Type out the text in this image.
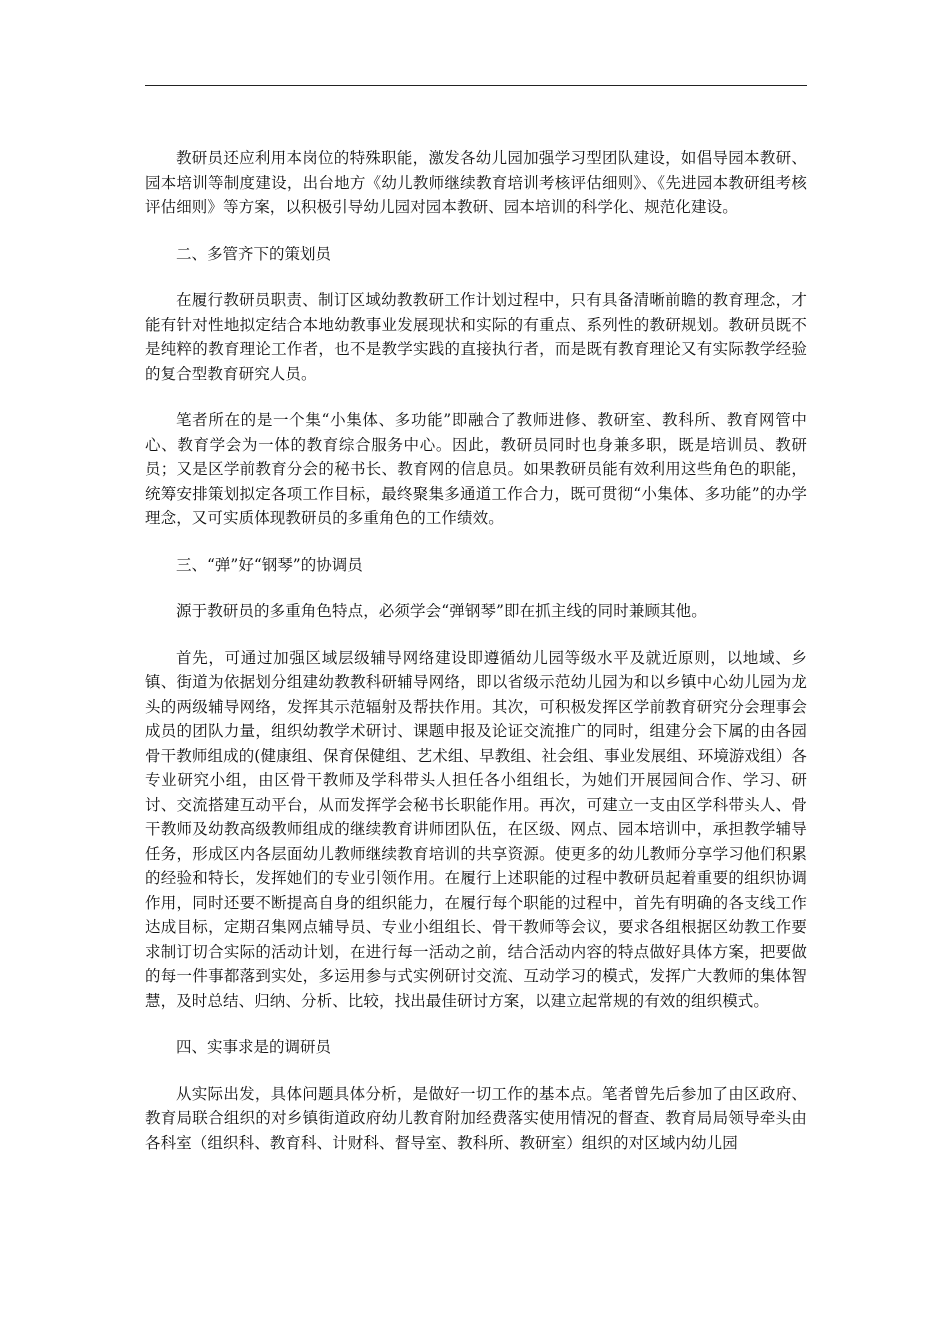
教研员还应利用本岗位的特殊职能，激发各幼儿园加强学习型团队建设，如倡导园本教研、园本培训等制度建设，出台地方《幼儿教师继续教育培训考核评估细则》、《先进园本教研组考核评估细则》等方案，以积极引导幼儿园对园本教研、园本培训的科学化、规范化建设。

二、多管齐下的策划员

在履行教研员职责、制订区域幼教教研工作计划过程中，只有具备清晰前瞻的教育理念，才能有针对性地拟定结合本地幼教事业发展现状和实际的有重点、系列性的教研规划。教研员既不是纯粹的教育理论工作者，也不是教学实践的直接执行者，而是既有教育理论又有实际教学经验的复合型教育研究人员。

笔者所在的是一个集“小集体、多功能”即融合了教师进修、教研室、教科所、教育网管中心、教育学会为一体的教育综合服务中心。因此，教研员同时也身兼多职，既是培训员、教研员；又是区学前教育分会的秘书长、教育网的信息员。如果教研员能有效利用这些角色的职能，统筹安排策划拟定各项工作目标，最终聚集多通道工作合力，既可贯彻“小集体、多功能”的办学理念，又可实质体现教研员的多重角色的工作绩效。

三、“弹”好“钢琴”的协调员

源于教研员的多重角色特点，必须学会“弹钢琴”即在抓主线的同时兼顾其他。

首先，可通过加强区域层级辅导网络建设即遵循幼儿园等级水平及就近原则，以地域、乡镇、街道为依据划分组建幼教教科研辅导网络，即以省级示范幼儿园为和以乡镇中心幼儿园为龙头的两级辅导网络，发挥其示范辐射及帮扶作用。其次，可积极发挥区学前教育研究分会理事会成员的团队力量，组织幼教学术研讨、课题申报及论证交流推广的同时，组建分会下属的由各园骨干教师组成的(健康组、保育保健组、艺术组、早教组、社会组、事业发展组、环境游戏组）各专业研究小组，由区骨干教师及学科带头人担任各小组组长，为她们开展园间合作、学习、研讨、交流搭建互动平台，从而发挥学会秘书长职能作用。再次，可建立一支由区学科带头人、骨干教师及幼教高级教师组成的继续教育讲师团队伍，在区级、网点、园本培训中，承担教学辅导任务，形成区内各层面幼儿教师继续教育培训的共享资源。使更多的幼儿教师分享学习他们积累的经验和特长，发挥她们的专业引领作用。在履行上述职能的过程中教研员起着重要的组织协调作用，同时还要不断提高自身的组织能力，在履行每个职能的过程中，首先有明确的各支线工作达成目标，定期召集网点辅导员、专业小组组长、骨干教师等会议，要求各组根据区幼教工作要求制订切合实际的活动计划，在进行每一活动之前，结合活动内容的特点做好具体方案，把要做的每一件事都落到实处，多运用参与式实例研讨交流、互动学习的模式，发挥广大教师的集体智慧，及时总结、归纳、分析、比较，找出最佳研讨方案，以建立起常规的有效的组织模式。

四、实事求是的调研员

从实际出发，具体问题具体分析，是做好一切工作的基本点。笔者曾先后参加了由区政府、教育局联合组织的对乡镇街道政府幼儿教育附加经费落实使用情况的督查、教育局局领导牵头由各科室（组织科、教育科、计财科、督导室、教科所、教研室）组织的对区域内幼儿园
